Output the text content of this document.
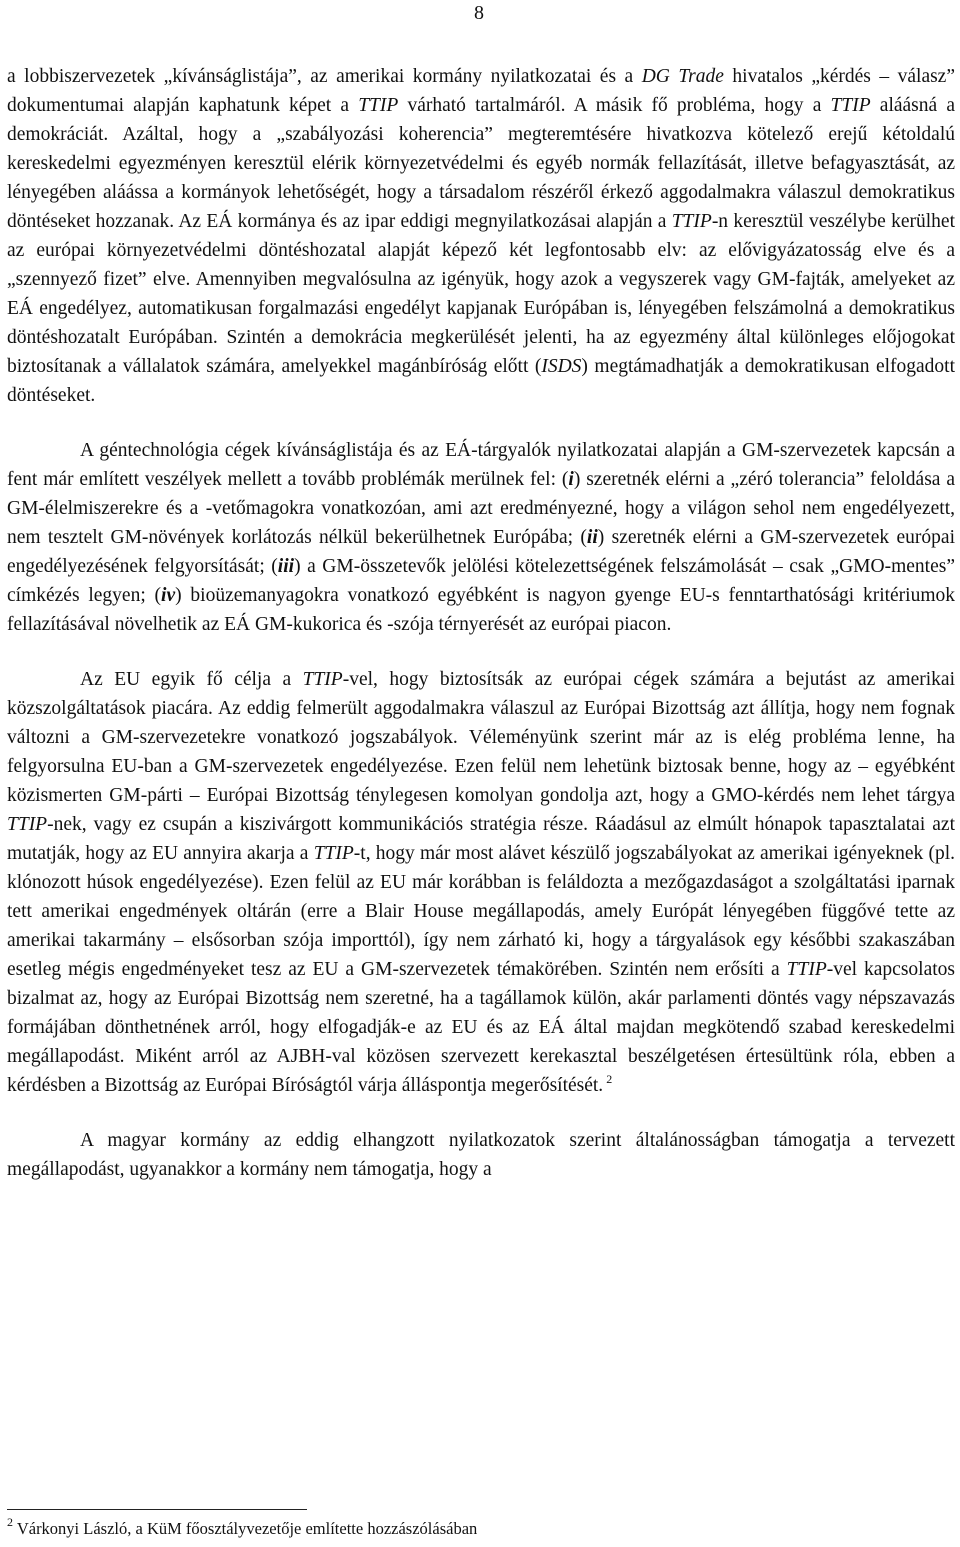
8

a lobbiszervezetek „kívánságlistája”, az amerikai kormány nyilatkozatai és a DG Trade hivatalos „kérdés – válasz” dokumentumai alapján kaphatunk képet a TTIP várható tartalmáról. A másik fő probléma, hogy a TTIP aláásná a demokráciát. Azáltal, hogy a „szabályozási koherencia” megteremtésére hivatkozva kötelező erejű kétoldalú kereskedelmi egyezményen keresztül elérik környezetvédelmi és egyéb normák fellazítását, illetve befagyasztását, az lényegében aláássa a kormányok lehetőségét, hogy a társadalom részéről érkező aggodalmakra válaszul demokratikus döntéseket hozzanak. Az EÁ kormánya és az ipar eddigi megnyilatkozásai alapján a TTIP-n keresztül veszélybe kerülhet az európai környezetvédelmi döntéshozatal alapját képező két legfontosabb elv: az elővigyázatosság elve és a „szennyező fizet” elve. Amennyiben megvalósulna az igényük, hogy azok a vegyszerek vagy GM-fajták, amelyeket az EÁ engedélyez, automatikusan forgalmazási engedélyt kapjanak Európában is, lényegében felszámolná a demokratikus döntéshozatalt Európában. Szintén a demokrácia megkerülését jelenti, ha az egyezmény által különleges előjogokat biztosítanak a vállalatok számára, amelyekkel magánbíróság előtt (ISDS) megtámadhatják a demokratikusan elfogadott döntéseket.

A géntechnológia cégek kívánságlistája és az EÁ-tárgyalók nyilatkozatai alapján a GM-szervezetek kapcsán a fent már említett veszélyek mellett a tovább problémák merülnek fel: (i) szeretnék elérni a „zéró tolerancia” feloldása a GM-élelmiszerekre és a -vetőmagokra vonatkozóan, ami azt eredményezné, hogy a világon sehol nem engedélyezett, nem tesztelt GM-növények korlátozás nélkül bekerülhetnek Európába; (ii) szeretnék elérni a GM-szervezetek európai engedélyezésének felgyorsítását; (iii) a GM-összetevők jelölési kötelezettségének felszámolását – csak „GMO-mentes” címkézés legyen; (iv) bioüzemanyagokra vonatkozó egyébként is nagyon gyenge EU-s fenntarthatósági kritériumok fellazításával növelhetik az EÁ GM-kukorica és -szója térnyerését az európai piacon.

Az EU egyik fő célja a TTIP-vel, hogy biztosítsák az európai cégek számára a bejutást az amerikai közszolgáltatások piacára. Az eddig felmerült aggodalmakra válaszul az Európai Bizottság azt állítja, hogy nem fognak változni a GM-szervezetekre vonatkozó jogszabályok. Véleményünk szerint már az is elég probléma lenne, ha felgyorsulna EU-ban a GM-szervezetek engedélyezése. Ezen felül nem lehetünk biztosak benne, hogy az – egyébként közismerten GM-párti – Európai Bizottság ténylegesen komolyan gondolja azt, hogy a GMO-kérdés nem lehet tárgya TTIP-nek, vagy ez csupán a kiszivárgott kommunikációs stratégia része. Ráadásul az elmúlt hónapok tapasztalatai azt mutatják, hogy az EU annyira akarja a TTIP-t, hogy már most alávet készülő jogszabályokat az amerikai igényeknek (pl. klónozott húsok engedélyezése). Ezen felül az EU már korábban is feláldozta a mezőgazdaságot a szolgáltatási iparnak tett amerikai engedmények oltárán (erre a Blair House megállapodás, amely Európát lényegében függővé tette az amerikai takarmány – elsősorban szója importtól), így nem zárható ki, hogy a tárgyalások egy későbbi szakaszában esetleg mégis engedményeket tesz az EU a GM-szervezetek témakörében. Szintén nem erősíti a TTIP-vel kapcsolatos bizalmat az, hogy az Európai Bizottság nem szeretné, ha a tagállamok külön, akár parlamenti döntés vagy népszavazás formájában dönthetnének arról, hogy elfogadják-e az EU és az EÁ által majdan megkötendő szabad kereskedelmi megállapodást. Miként arról az AJBH-val közösen szervezett kerekasztal beszélgetésen értesültünk róla, ebben a kérdésben a Bizottság az Európai Bíróságtól várja álláspontja megerősítését. $^2$

A magyar kormány az eddig elhangzott nyilatkozatok szerint általánosságban támogatja a tervezett megállapodást, ugyanakkor a kormány nem támogatja, hogy a

$^2$ Várkonyi László, a KüM főosztályvezetője említette hozzászólásában
